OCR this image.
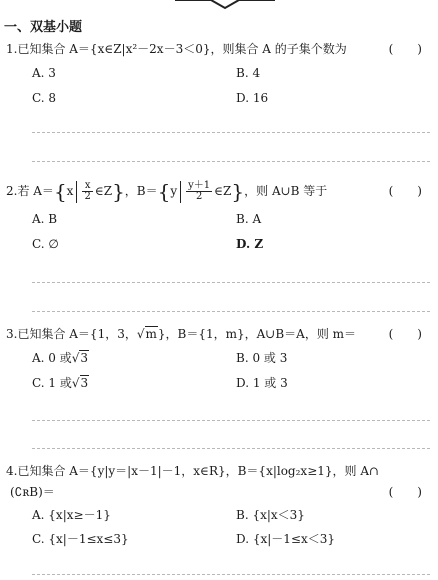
一、双基小题
1.已知集合 A＝{x∈Z|x²－2x－3＜0}，则集合 A 的子集个数为	(　　)
A. 3	B. 4
C. 8	D. 16
2.若 $A=\{x \frac{x}{2}$ ∈Z}，$B=\{y \frac{y+1}{2}$ ∈Z}，则 A∪B 等于	(　　)
A. B	B. A
C. ∅	D. Z
3.已知集合 A＝{1，3，√m}，B＝{1，m}，A∪B＝A，则 m＝	(　　)
A. 0 或√3	B. 0 或 3
C. 1 或√3	D. 1 或 3
4.已知集合 A＝{y|y＝|x－1|－1，x∈R}，B＝{x|log₂x≥1}，则 A∩
(∁ʀB)＝	(　　)
A. {x|x≥－1}	B. {x|x＜3}
C. {x|－1≤x≤3}	D. {x|－1≤x＜3}
